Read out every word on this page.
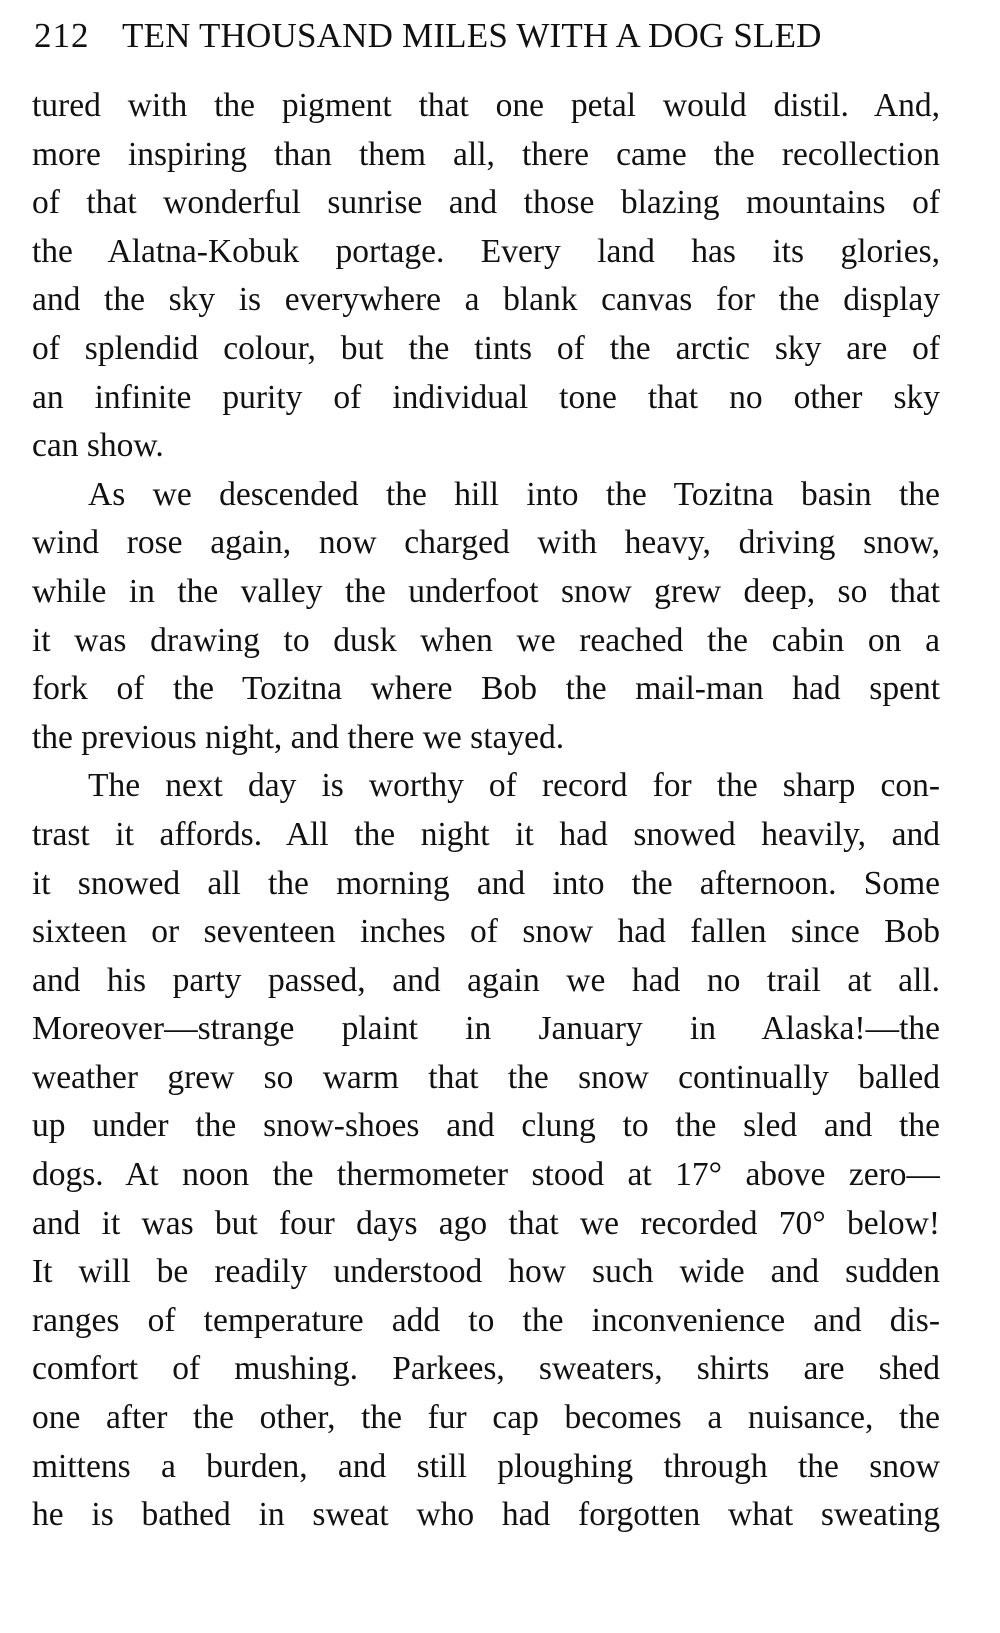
212 TEN THOUSAND MILES WITH A DOG SLED
tured with the pigment that one petal would distil. And,
more inspiring than them all, there came the recollection
of that wonderful sunrise and those blazing mountains of
the Alatna-Kobuk portage. Every land has its glories,
and the sky is everywhere a blank canvas for the display
of splendid colour, but the tints of the arctic sky are of
an infinite purity of individual tone that no other sky
can show.
As we descended the hill into the Tozitna basin the
wind rose again, now charged with heavy, driving snow,
while in the valley the underfoot snow grew deep, so that
it was drawing to dusk when we reached the cabin on a
fork of the Tozitna where Bob the mail-man had spent
the previous night, and there we stayed.
The next day is worthy of record for the sharp con-
trast it affords. All the night it had snowed heavily, and
it snowed all the morning and into the afternoon. Some
sixteen or seventeen inches of snow had fallen since Bob
and his party passed, and again we had no trail at all.
Moreover—strange plaint in January in Alaska!—the
weather grew so warm that the snow continually balled
up under the snow-shoes and clung to the sled and the
dogs. At noon the thermometer stood at 17° above zero—
and it was but four days ago that we recorded 70° below!
It will be readily understood how such wide and sudden
ranges of temperature add to the inconvenience and dis-
comfort of mushing. Parkees, sweaters, shirts are shed
one after the other, the fur cap becomes a nuisance, the
mittens a burden, and still ploughing through the snow
he is bathed in sweat who had forgotten what sweating
